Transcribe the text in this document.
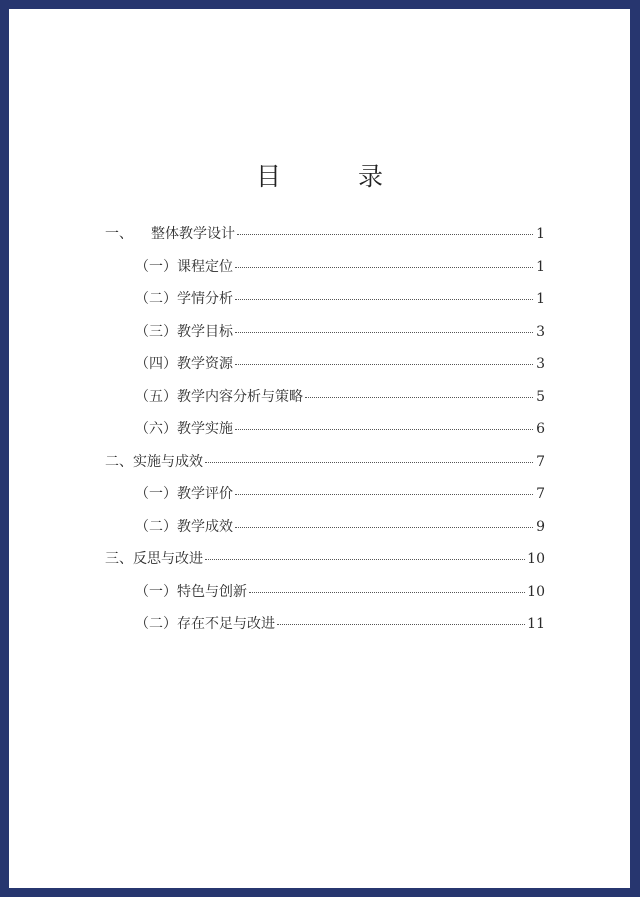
目　录
一、 整体教学设计	1
（一）课程定位	1
（二）学情分析	1
（三）教学目标	3
（四）教学资源	3
（五）教学内容分析与策略	5
（六）教学实施	6
二、实施与成效	7
（一）教学评价	7
（二）教学成效	9
三、反思与改进	10
（一）特色与创新	10
（二）存在不足与改进	11
